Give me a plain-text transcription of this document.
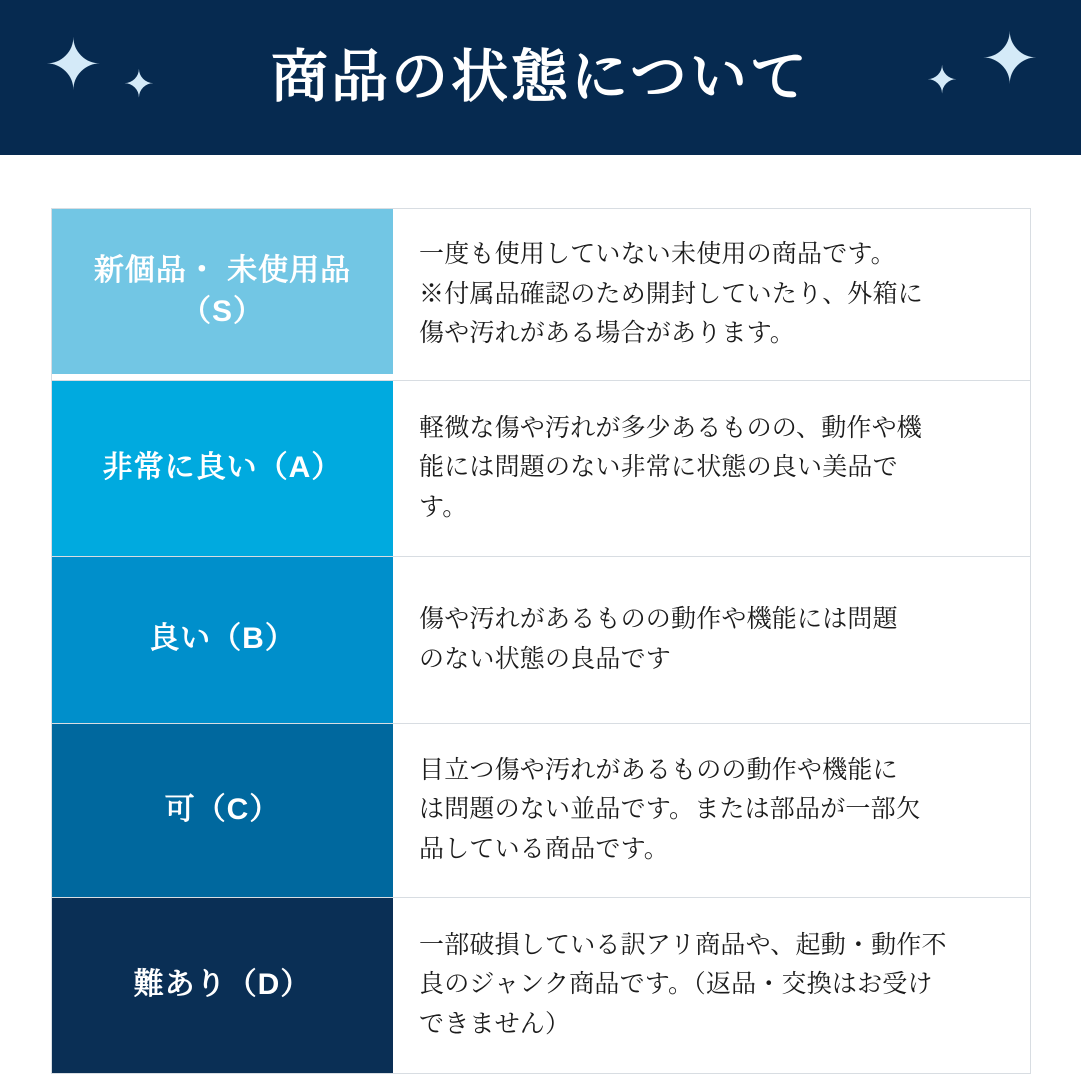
✦ ✦ 商品の状態について	✦ ✦
新個品・ 未使用品（S）
一度も使用していない未使用の商品です。
※付属品確認のため開封していたり、外箱に
傷や汚れがある場合があります。
非常に良い（A）
軽微な傷や汚れが多少あるものの、動作や機
能には問題のない非常に状態の良い美品で
す。
良い（B）
傷や汚れがあるものの動作や機能には問題
のない状態の良品です
可（C）
目立つ傷や汚れがあるものの動作や機能に
は問題のない並品です。または部品が一部欠
品している商品です。
難あり（D）
一部破損している訳アリ商品や、起動・動作不
良のジャンク商品です。（返品・交換はお受け
できません）
